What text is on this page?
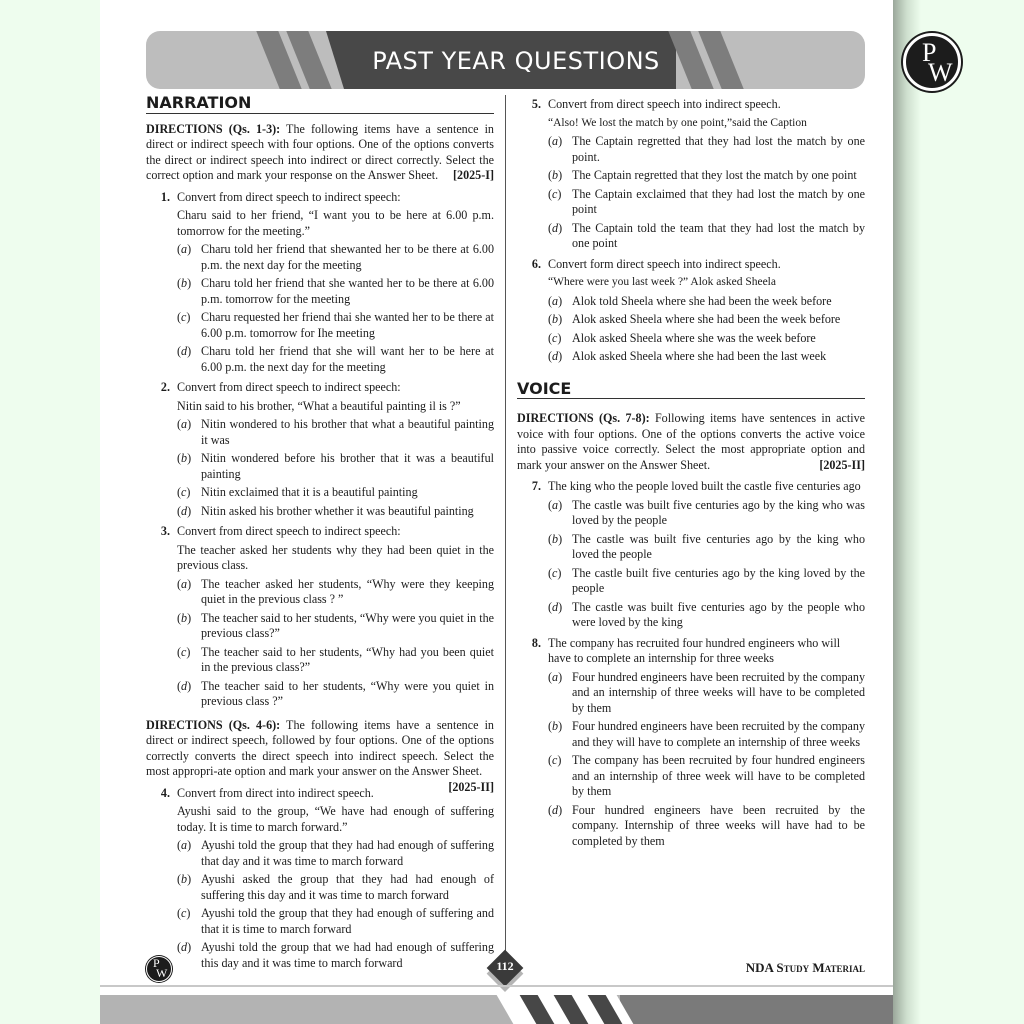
PAST YEAR QUESTIONS
NARRATION
DIRECTIONS (Qs. 1-3): The following items have a sentence in direct or indirect speech with four options. One of the options converts the direct or indirect speech into indirect or direct correctly. Select the correct option and mark your response on the Answer Sheet. [2025-I]
1. Convert from direct speech to indirect speech:
Charu said to her friend, “I want you to be here at 6.00 p.m. tomorrow for the meeting.”
(a) Charu told her friend that shewanted her to be there at 6.00 p.m. the next day for the meeting
(b) Charu told her friend that she wanted her to be there at 6.00 p.m. tomorrow for the meeting
(c) Charu requested her friend thai she wanted her to be there at 6.00 p.m. tomorrow for Ihe meeting
(d) Charu told her friend that she will want her to be here at 6.00 p.m. the next day for the meeting
2. Convert from direct speech to indirect speech:
Nitin said to his brother, “What a beautiful painting il is ?”
(a) Nitin wondered to his brother that what a beautiful painting it was
(b) Nitin wondered before his brother that it was a beautiful painting
(c) Nitin exclaimed that it is a beautiful painting
(d) Nitin asked his brother whether it was beautiful painting
3. Convert from direct speech to indirect speech:
The teacher asked her students why they had been quiet in the previous class.
(a) The teacher asked her students, “Why were they keeping quiet in the previous class ? ”
(b) The teacher said to her students, “Why were you quiet in the previous class?”
(c) The teacher said to her students, “Why had you been quiet in the previous class?”
(d) The teacher said to her students, “Why were you quiet in previous class ?”
DIRECTIONS (Qs. 4-6): The following items have a sentence in direct or indirect speech, followed by four options. One of the options correctly converts the direct speech into indirect speech. Select the most appropri-ate option and mark your answer on the Answer Sheet.
[2025-II]
4. Convert from direct into indirect speech.
Ayushi said to the group, “We have had enough of suffering today. It is time to march forward.”
(a) Ayushi told the group that they had had enough of suffering that day and it was time to march forward
(b) Ayushi asked the group that they had had enough of suffering this day and it was time to march forward
(c) Ayushi told the group that they had enough of suffering and that it is time to march forward
(d) Ayushi told the group that we had had enough of suffering this day and it was time to march forward
5. Convert from direct speech into indirect speech.
“Also! We lost the match by one point,”said the Caption
(a) The Captain regretted that they had lost the match by one point.
(b) The Captain regretted that they lost the match by one point
(c) The Captain exclaimed that they had lost the match by one point
(d) The Captain told the team that they had lost the match by one point
6. Convert form direct speech into indirect speech.
“Where were you last week ?” Alok asked Sheela
(a) Alok told Sheela where she had been the week before
(b) Alok asked Sheela where she had been the week before
(c) Alok asked Sheela where she was the week before
(d) Alok asked Sheela where she had been the last week
VOICE
DIRECTIONS (Qs. 7-8): Following items have sentences in active voice with four options. One of the options converts the active voice into passive voice correctly. Select the most appropriate option and mark your answer on the Answer Sheet.	[2025-II]
7. The king who the people loved built the castle five centuries ago
(a) The castle was built five centuries ago by the king who was loved by the people
(b) The castle was built five centuries ago by the king who loved the people
(c) The castle built five centuries ago by the king loved by the people
(d) The castle was built five centuries ago by the people who were loved by the king
8. The company has recruited four hundred engineers who will have to complete an internship for three weeks
(a) Four hundred engineers have been recruited by the company and an internship of three weeks will have to be completed by them
(b) Four hundred engineers have been recruited by the company and they will have to complete an internship of three weeks
(c) The company has been recruited by four hundred engineers and an internship of three week will have to be completed by them
(d) Four hundred engineers have been recruited by the company. Internship of three weeks will have had to be completed by them
P
W	112	NDA Study Material
P
W
